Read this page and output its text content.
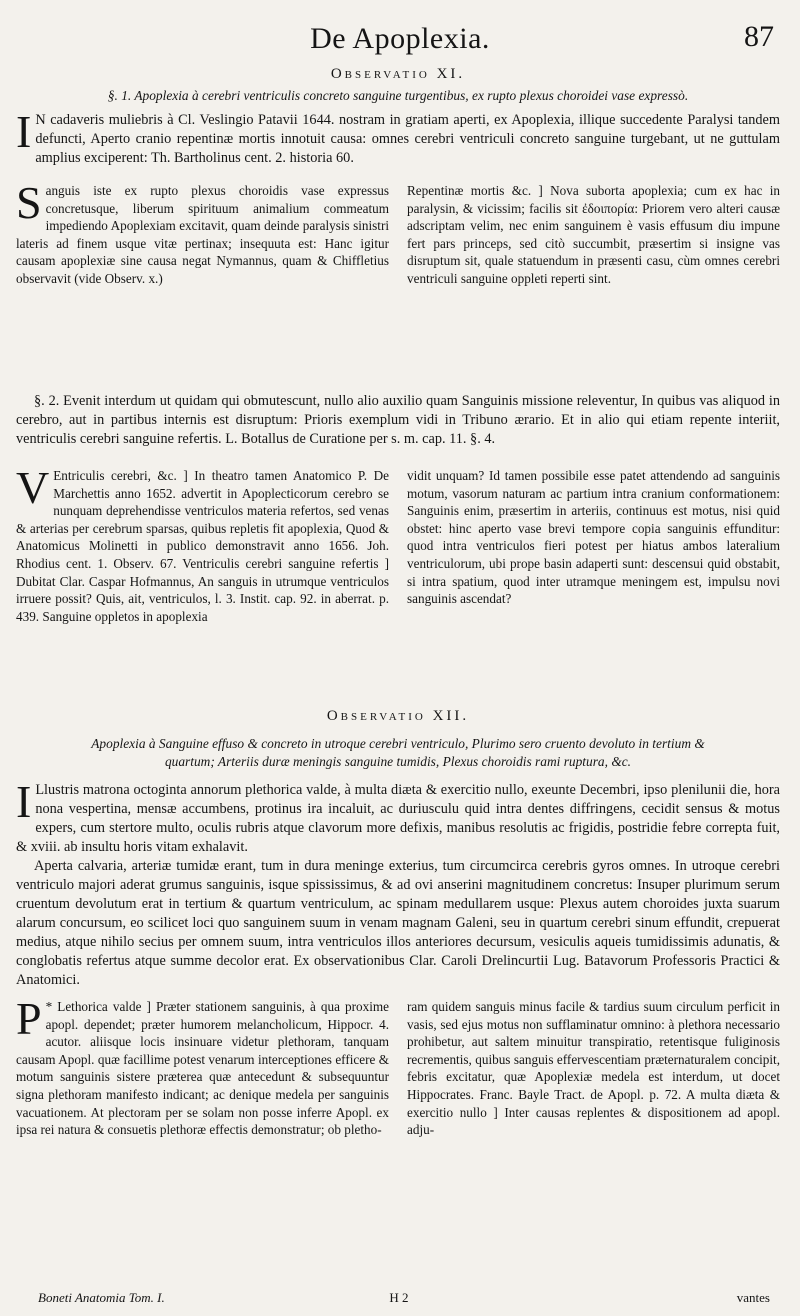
De Apoplexia.	87
Observatio XI.
§. 1. Apoplexia à cerebri ventriculis concreto sanguine turgentibus, ex rupto plexus choroidei vase expressò.

I N cadaveris muliebris à Cl. Veslingio Patavii 1644. nostram in gratiam aperti, ex Apoplexia, illique succedente Paralysi tandem defuncti, Aperto cranio repentinæ mortis innotuit causa: omnes cerebri ventriculi concreto sanguine turgebant, ut ne guttulam amplius exciperent: Th. Bartholinus cent. 2. historia 60.

Sanguis iste ex rupto plexus choroidis vase expressus concretusque, liberum spirituum animalium commeatum impediendo Apoplexiam excitavit, quam deinde paralysis sinistri lateris ad finem usque vitæ pertinax; insequuta est: Hanc igitur causam apoplexiæ sine causa negat Nymannus, quam & Chiffletius observavit (vide Observ. x.)

Repentinæ mortis &c. ] Nova suborta apoplexia; cum ex hac in paralysin, & vicissim; facilis sit ἐδοιπορία: Priorem vero alteri causæ adscriptam velim, nec enim sanguinem è vasis effusum diu impune fert pars princeps, sed citò succumbit, præsertim si insigne vas disruptum sit, quale statuendum in præsenti casu, cùm omnes cerebri ventriculi sanguine oppleti reperti sint.

§. 2. Evenit interdum ut quidam qui obmutescunt, nullo alio auxilio quam Sanguinis missione releventur, In quibus vas aliquod in cerebro, aut in partibus internis est disruptum: Prioris exemplum vidi in Tribuno ærario. Et in alio qui etiam repente interiit, ventriculis cerebri sanguine refertis. L. Botallus de Curatione per s. m. cap. 11. §. 4.

V Entriculis cerebri, &c. ] In theatro tamen Anatomico P. De Marchettis anno 1652. advertit in Apoplecticorum cerebro se nunquam deprehendisse ventriculos materia refertos, sed venas & arterias per cerebrum sparsas, quibus repletis fit apoplexia, Quod & Anatomicus Molinetti in publico demonstravit anno 1656. Joh. Rhodius cent. 1. Observ. 67. Ventriculis cerebri sanguine refertis ] Dubitat Clar. Caspar Hofmannus, An sanguis in utrumque ventriculos irruere possit? Quis, ait, ventriculos, l. 3. Instit. cap. 92. in aberrat. p. 439. Sanguine oppletos in apoplexia

vidit unquam? Id tamen possibile esse patet attendendo ad sanguinis motum, vasorum naturam ac partium intra cranium conformationem: Sanguinis enim, præsertim in arteriis, continuus est motus, nisi quid obstet: hinc aperto vase brevi tempore copia sanguinis effunditur: quod intra ventriculos fieri potest per hiatus ambos lateralium ventriculorum, ubi prope basin adaperti sunt: descensui quid obstabit, si intra spatium, quod inter utramque meningem est, impulsu novi sanguinis ascendat?

Observatio XII.
Apoplexia à Sanguine effuso & concreto in utroque cerebri ventriculo, Plurimo sero cruento devoluto in tertium & quartum; Arteriis duræ meningis sanguine tumidis, Plexus choroidis rami ruptura, &c.

I Llustris matrona octoginta annorum plethorica valde, à multa diæta & exercitio nullo, exeunte Decembri, ipso plenilunii die, hora nona vespertina, mensæ accumbens, protinus ira incaluit, ac duriusculu quid intra dentes diffringens, cecidit sensus & motus expers, cum stertore multo, oculis rubris atque clavorum more defixis, manibus resolutis ac frigidis, postridie febre correpta fuit, & xviii. ab insultu horis vitam exhalavit.

Aperta calvaria, arteriæ tumidæ erant, tum in dura meninge exterius, tum circumcirca cerebris gyros omnes. In utroque cerebri ventriculo majori aderat grumus sanguinis, isque spississimus, & ad ovi anserini magnitudinem concretus: Insuper plurimum serum cruentum devolutum erat in tertium & quartum ventriculum, ac spinam medullarem usque: Plexus autem choroides juxta suarum alarum concursum, eo scilicet loci quo sanguinem suum in venam magnam Galeni, seu in quartum cerebri sinum effundit, crepuerat medius, atque nihilo secius per omnem suum, intra ventriculos illos anteriores decursum, vesiculis aqueis tumidissimis adunatis, & conglobatis refertus atque summe decolor erat. Ex observationibus Clar. Caroli Drelincurtii Lug. Batavorum Professoris Practici & Anatomici.

P * Lethorica valde ] Præter stationem sanguinis, à qua proxime apopl. dependet; præter humorem melancholicum, Hippocr. 4. acutor. aliisque locis insinuare videtur plethoram, tanquam causam Apopl. quæ facillime potest venarum interceptiones efficere & motum sanguinis sistere præterea quæ antecedunt & subsequuntur signa plethoram manifesto indicant; ac denique medela per sanguinis vacuationem. At plectoram per se solam non posse inferre Apopl. ex ipsa rei natura & consuetis plethoræ effectis demonstratur; ob pletho-

ram quidem sanguis minus facile & tardius suum circulum perficit in vasis, sed ejus motus non sufflaminatur omnino: à plethora necessario prohibetur, aut saltem minuitur transpiratio, retentisque fuliginosis recrementis, quibus sanguis effervescentiam præternaturalem concipit, febris excitatur, quæ Apoplexiæ medela est interdum, ut docet Hippocrates. Franc. Bayle Tract. de Apopl. p. 72. A multa diæta & exercitio nullo ] Inter causas replentes & dispositionem ad apopl. adju-

Boneti Anatomia Tom. I.	H 2	vantes
